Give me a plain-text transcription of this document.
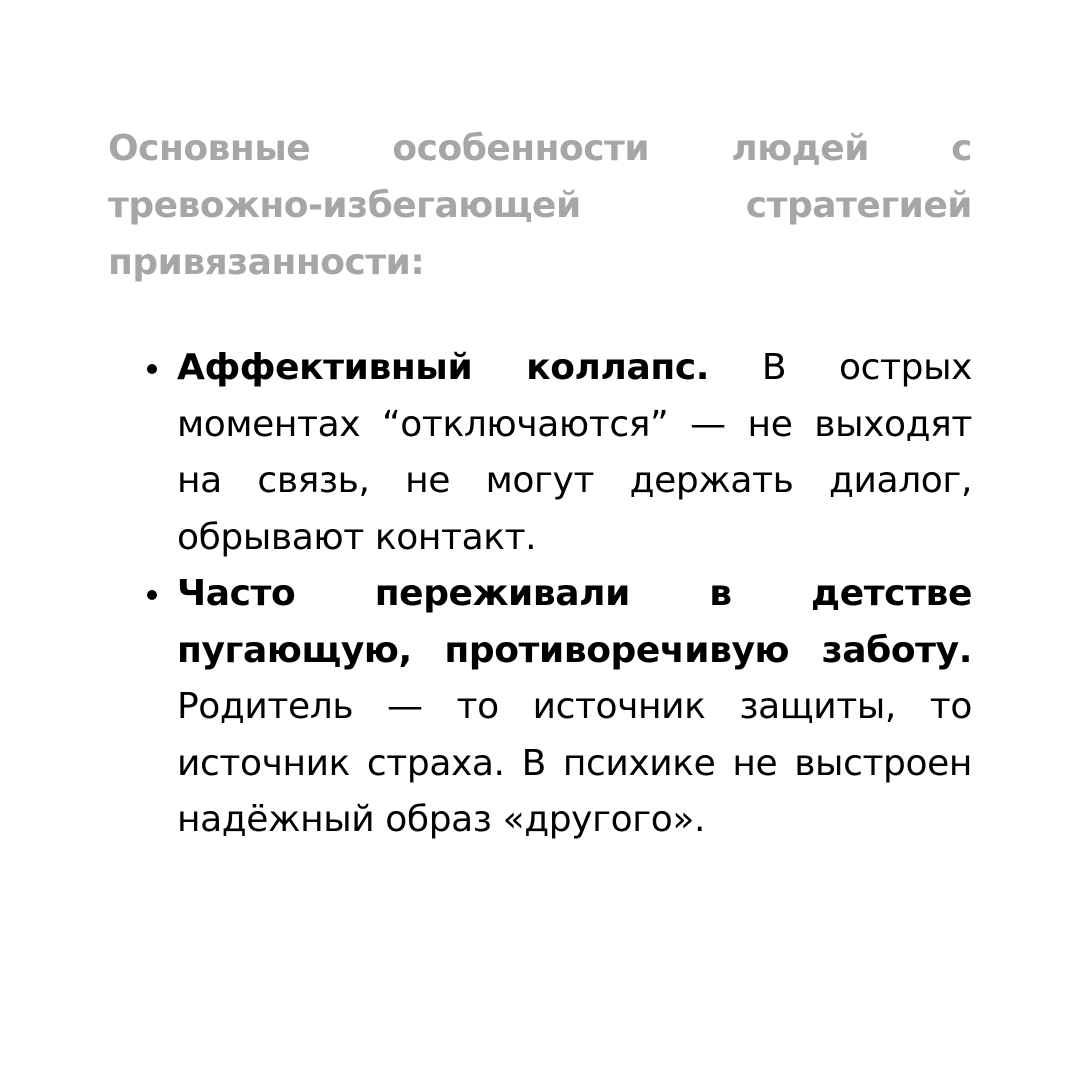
Основные особенности людей с тревожно-избегающей стратегией привязанности:

Аффективный коллапс. В острых моментах “отключаются” — не выходят на связь, не могут держать диалог, обрывают контакт.
Часто переживали в детстве пугающую, противоречивую заботу. Родитель — то источник защиты, то источник страха. В психике не выстроен надёжный образ «другого».
